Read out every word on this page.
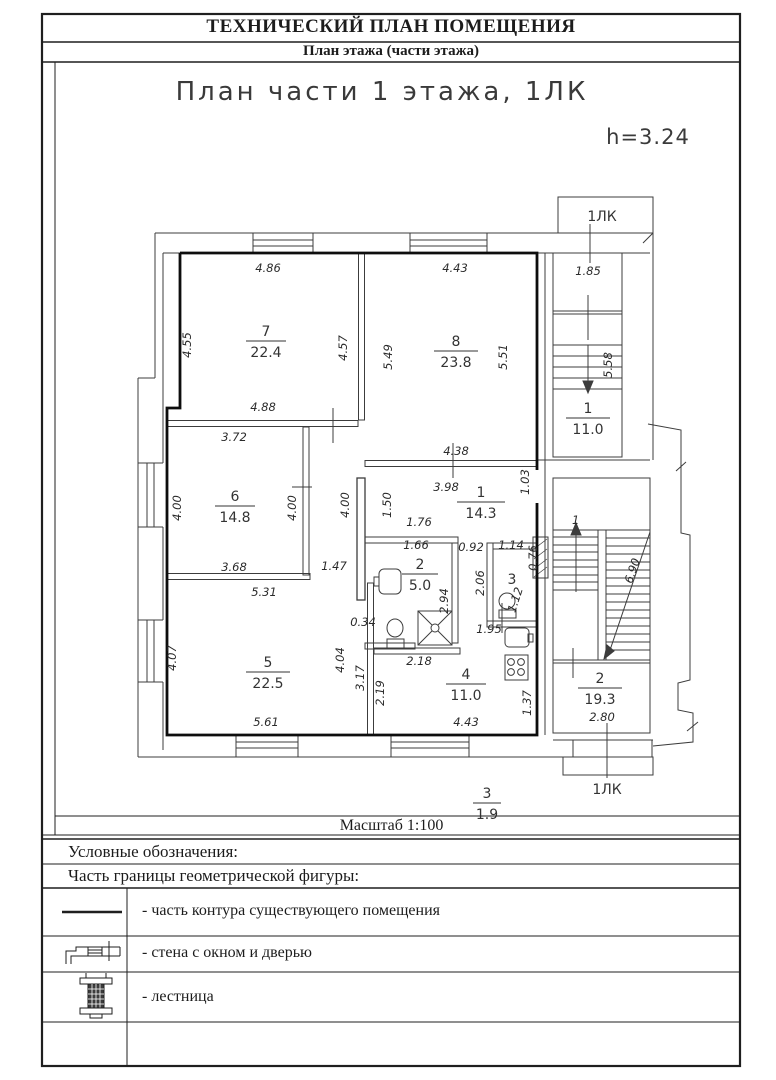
План части 1 этажа, 1ЛК
h=3.24
1ЛК
1ЛК
7
22.4
8
23.8
6
14.8
1
14.3
2
5.0	3
5
22.5
4
11.0
1
11.0
2
19.3
3
1.9
1
4.86	4.43	1.85
4.88
3.72
4.38
3.98
1.76
1.66	0.92 1.14
3.68	1.47
5.31
0.34	1.95
2.18
5.61	4.43	2.80
4.55	4.57	5.49	5.51	5.58
4.00	4.00	4.00 1.50
1.03
0.76
2.06
1.12
2.94
4.07	4.04
3.17
2.19	1.37
6.90
ТЕХНИЧЕСКИЙ ПЛАН ПОМЕЩЕНИЯ
План этажа (части этажа)
Масштаб 1:100
Условные обозначения:
Часть границы геометрической фигуры:
- часть контура существующего помещения
- стена с окном и дверью
- лестница
